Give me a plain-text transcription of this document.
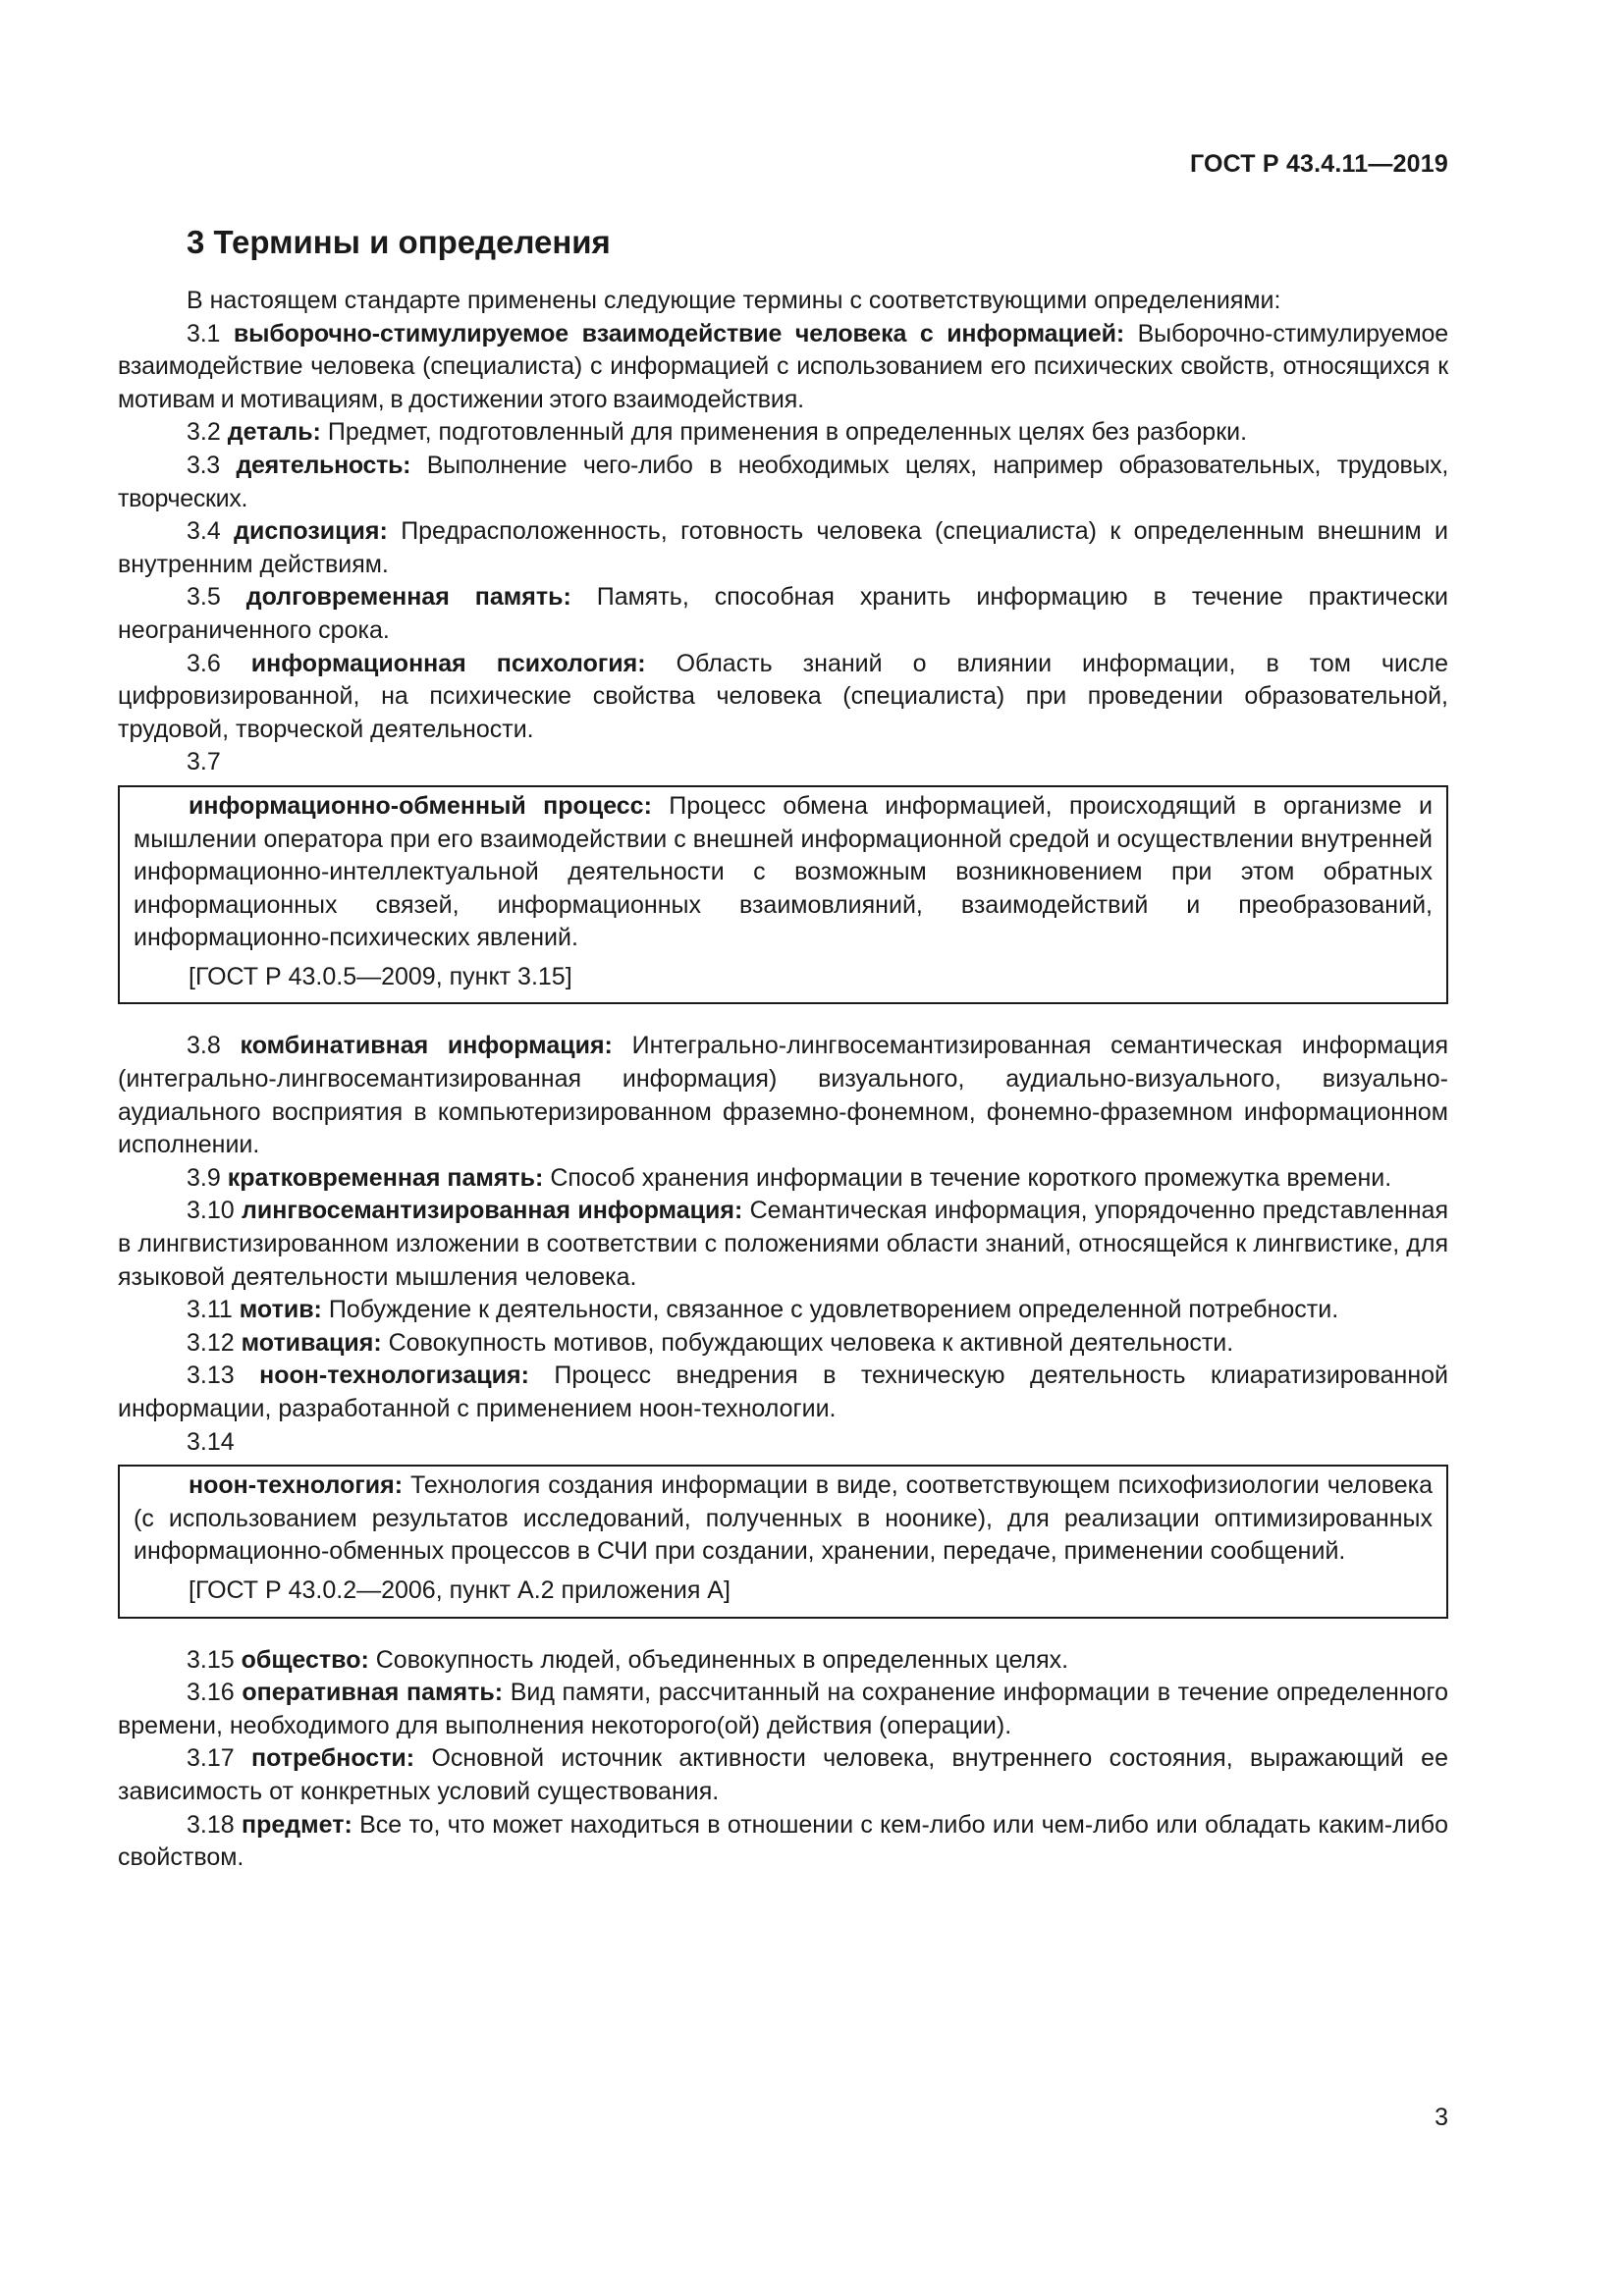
ГОСТ Р 43.4.11—2019
3 Термины и определения

В настоящем стандарте применены следующие термины с соответствующими определениями:

3.1 выборочно-стимулируемое взаимодействие человека с информацией: Выборочно-стимулируемое взаимодействие человека (специалиста) с информацией с использованием его психических свойств, относящихся к мотивам и мотивациям, в достижении этого взаимодействия.

3.2 деталь: Предмет, подготовленный для применения в определенных целях без разборки.

3.3 деятельность: Выполнение чего-либо в необходимых целях, например образовательных, трудовых, творческих.

3.4 диспозиция: Предрасположенность, готовность человека (специалиста) к определенным внешним и внутренним действиям.

3.5 долговременная память: Память, способная хранить информацию в течение практически неограниченного срока.

3.6 информационная психология: Область знаний о влиянии информации, в том числе цифровизированной, на психические свойства человека (специалиста) при проведении образовательной, трудовой, творческой деятельности.

3.7

информационно-обменный процесс: Процесс обмена информацией, происходящий в организме и мышлении оператора при его взаимодействии с внешней информационной средой и осуществлении внутренней информационно-интеллектуальной деятельности с возможным возникновением при этом обратных информационных связей, информационных взаимовлияний, взаимодействий и преобразований, информационно-психических явлений.

[ГОСТ Р 43.0.5—2009, пункт 3.15]

3.8 комбинативная информация: Интегрально-лингвосемантизированная семантическая информация (интегрально-лингвосемантизированная информация) визуального, аудиально-визуального, визуально-аудиального восприятия в компьютеризированном фраземно-фонемном, фонемно-фраземном информационном исполнении.

3.9 кратковременная память: Способ хранения информации в течение короткого промежутка времени.

3.10 лингвосемантизированная информация: Семантическая информация, упорядоченно представленная в лингвистизированном изложении в соответствии с положениями области знаний, относящейся к лингвистике, для языковой деятельности мышления человека.

3.11 мотив: Побуждение к деятельности, связанное с удовлетворением определенной потребности.

3.12 мотивация: Совокупность мотивов, побуждающих человека к активной деятельности.

3.13 ноон-технологизация: Процесс внедрения в техническую деятельность клиаратизированной информации, разработанной с применением ноон-технологии.

3.14

ноон-технология: Технология создания информации в виде, соответствующем психофизиологии человека (с использованием результатов исследований, полученных в ноонике), для реализации оптимизированных информационно-обменных процессов в СЧИ при создании, хранении, передаче, применении сообщений.

[ГОСТ Р 43.0.2—2006, пункт А.2 приложения А]

3.15 общество: Совокупность людей, объединенных в определенных целях.

3.16 оперативная память: Вид памяти, рассчитанный на сохранение информации в течение определенного времени, необходимого для выполнения некоторого(ой) действия (операции).

3.17 потребности: Основной источник активности человека, внутреннего состояния, выражающий ее зависимость от конкретных условий существования.

3.18 предмет: Все то, что может находиться в отношении с кем-либо или чем-либо или обладать каким-либо свойством.

3
